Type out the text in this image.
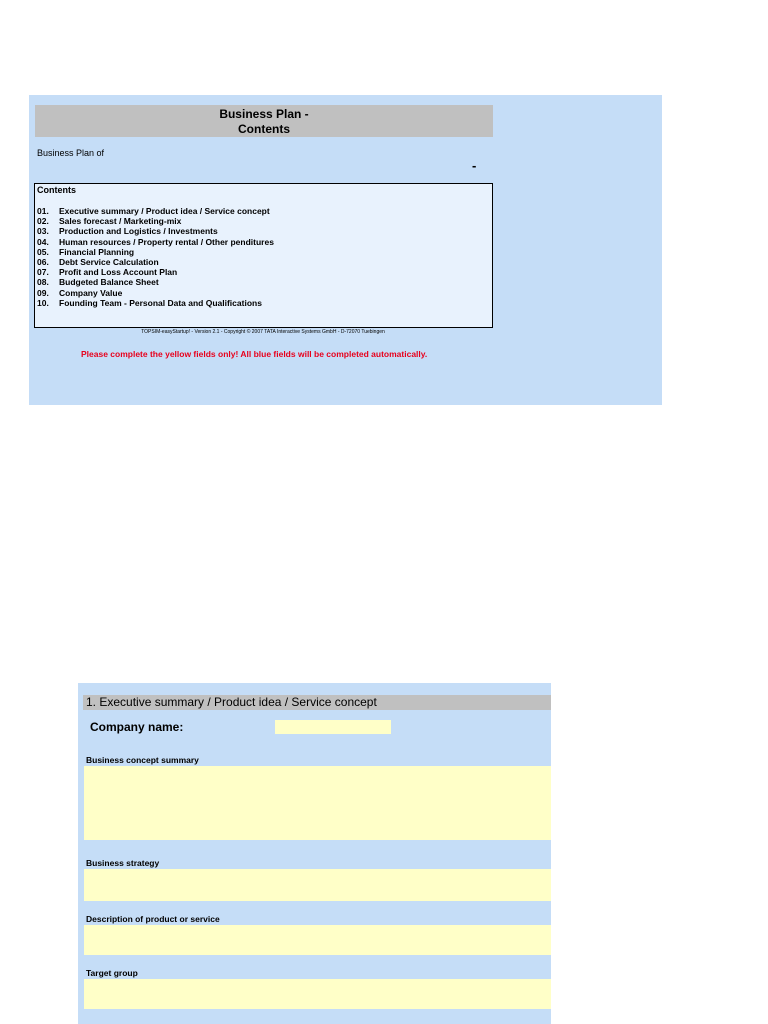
Business Plan -
Contents
Business Plan of
-
Contents
01. Executive summary / Product idea / Service concept
02. Sales forecast / Marketing-mix
03. Production and Logistics / Investments
04. Human resources / Property rental / Other penditures
05. Financial Planning
06. Debt Service Calculation
07. Profit and Loss Account Plan
08. Budgeted Balance Sheet
09. Company Value
10. Founding Team - Personal Data and Qualifications
TOPSIM-easyStartup! - Version 2.1 - Copyright © 2007 TATA Interactive Systems GmbH - D-72070 Tuebingen
Please complete the yellow fields only! All blue fields will be completed automatically.
1. Executive summary / Product idea / Service concept
Company name:
Business concept summary
Business strategy
Description of product or service
Target group
